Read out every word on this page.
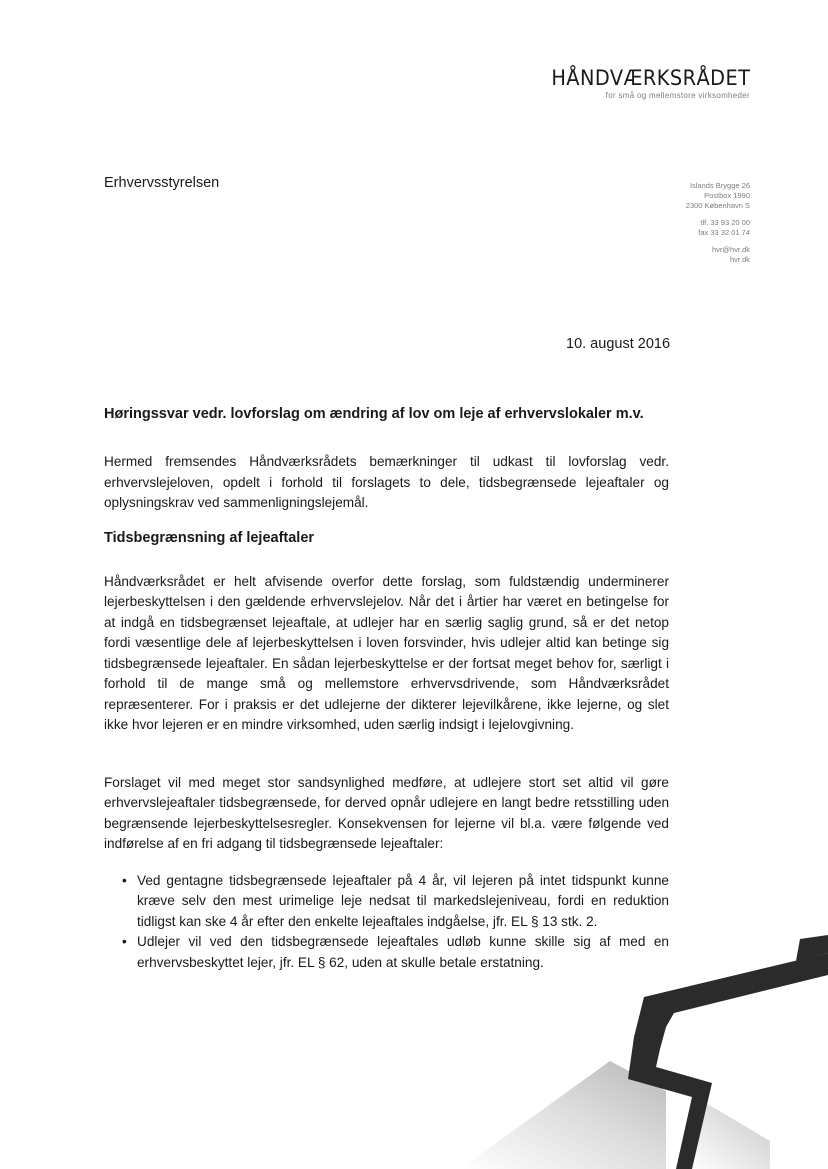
HÅNDVÆRKSRÅDET
for små og mellemstore virksomheder
Erhvervsstyrelsen	Islands Brygge 26
Postbox 1990
2300 København S
tlf. 33 93 20 00
fax 33 32 01 74
hvr@hvr.dk
hvr.dk
10. august 2016

Høringssvar vedr. lovforslag om ændring af lov om leje af erhvervslokaler m.v.

Hermed fremsendes Håndværksrådets bemærkninger til udkast til lovforslag vedr. erhvervslejeloven, opdelt i forhold til forslagets to dele, tidsbegrænsede lejeaftaler og oplysningskrav ved sammenligningslejemål.

Tidsbegrænsning af lejeaftaler

Håndværksrådet er helt afvisende overfor dette forslag, som fuldstændig underminerer lejerbeskyttelsen i den gældende erhvervslejelov. Når det i årtier har været en betingelse for at indgå en tidsbegrænset lejeaftale, at udlejer har en særlig saglig grund, så er det netop fordi væsentlige dele af lejerbeskyttelsen i loven forsvinder, hvis udlejer altid kan betinge sig tidsbegrænsede lejeaftaler. En sådan lejerbeskyttelse er der fortsat meget behov for, særligt i forhold til de mange små og mellemstore erhvervsdrivende, som Håndværksrådet repræsenterer. For i praksis er det udlejerne der dikterer lejevilkårene, ikke lejerne, og slet ikke hvor lejeren er en mindre virksomhed, uden særlig indsigt i lejelovgivning.

Forslaget vil med meget stor sandsynlighed medføre, at udlejere stort set altid vil gøre erhvervslejeaftaler tidsbegrænsede, for derved opnår udlejere en langt bedre retsstilling uden begrænsende lejerbeskyttelsesregler. Konsekvensen for lejerne vil bl.a. være følgende ved indførelse af en fri adgang til tidsbegrænsede lejeaftaler:

• Ved gentagne tidsbegrænsede lejeaftaler på 4 år, vil lejeren på intet tidspunkt kunne kræve selv den mest urimelige leje nedsat til markedslejeniveau, fordi en reduktion tidligst kan ske 4 år efter den enkelte lejeaftales indgåelse, jfr. EL § 13 stk. 2.
• Udlejer vil ved den tidsbegrænsede lejeaftales udløb kunne skille sig af med en erhvervsbeskyttet lejer, jfr. EL § 62, uden at skulle betale erstatning.
